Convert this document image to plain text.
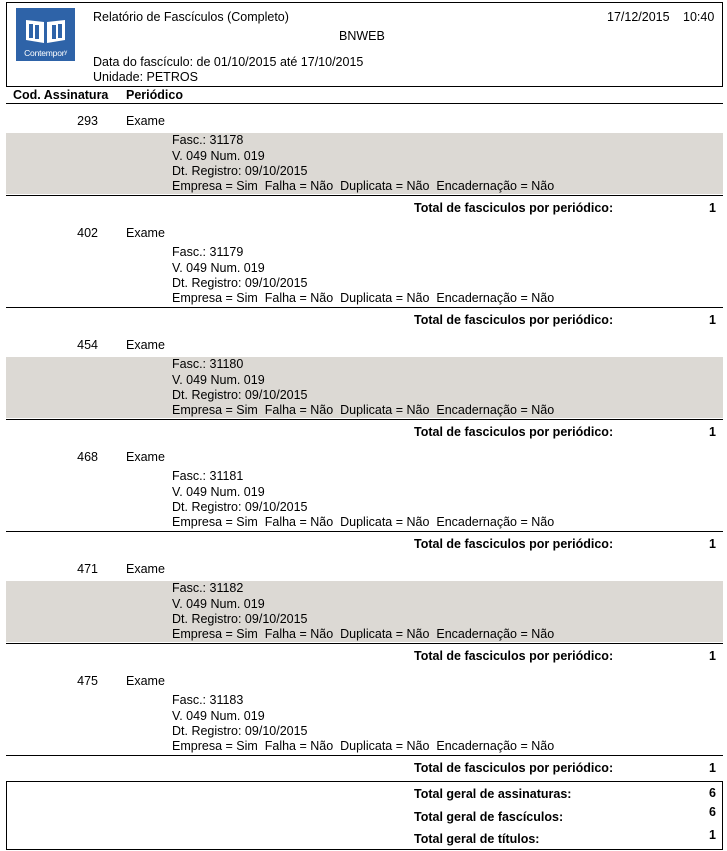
Contemporʸ
Relatório de Fascículos (Completo)
BNWEB
17/12/2015 10:40
Data do fascículo: de 01/10/2015 até 17/10/2015
Unidade: PETROS
Cod. Assinatura Periódico
293 Exame
Fasc.: 31178
V. 049 Num. 019
Dt. Registro: 09/10/2015
Empresa = Sim  Falha = Não  Duplicata = Não  Encadernação = Não
Total de fasciculos por periódico:	1
402 Exame
Fasc.: 31179
V. 049 Num. 019
Dt. Registro: 09/10/2015
Empresa = Sim  Falha = Não  Duplicata = Não  Encadernação = Não
Total de fasciculos por periódico:	1
454 Exame
Fasc.: 31180
V. 049 Num. 019
Dt. Registro: 09/10/2015
Empresa = Sim  Falha = Não  Duplicata = Não  Encadernação = Não
Total de fasciculos por periódico:	1
468 Exame
Fasc.: 31181
V. 049 Num. 019
Dt. Registro: 09/10/2015
Empresa = Sim  Falha = Não  Duplicata = Não  Encadernação = Não
Total de fasciculos por periódico:	1
471 Exame
Fasc.: 31182
V. 049 Num. 019
Dt. Registro: 09/10/2015
Empresa = Sim  Falha = Não  Duplicata = Não  Encadernação = Não
Total de fasciculos por periódico:	1
475 Exame
Fasc.: 31183
V. 049 Num. 019
Dt. Registro: 09/10/2015
Empresa = Sim  Falha = Não  Duplicata = Não  Encadernação = Não
Total de fasciculos por periódico:	1
Total geral de assinaturas:	6
Total geral de fascículos:	6
Total geral de títulos:	1
